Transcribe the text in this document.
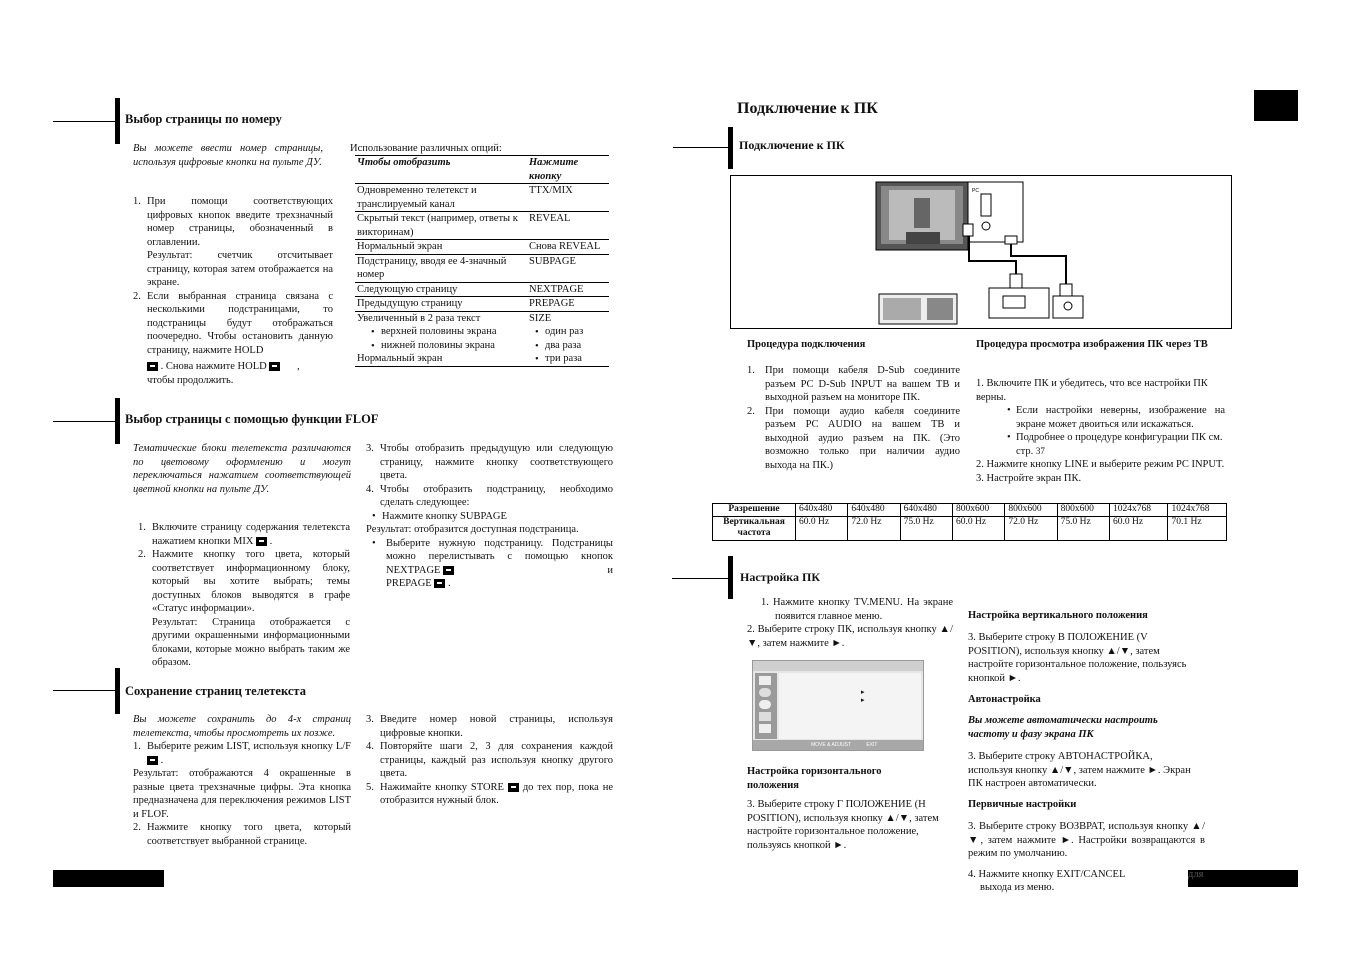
Выбор страницы по номеру
Вы можете ввести номер страницы, используя цифровые кнопки на пульте ДУ.
1. При помощи соответствующих цифровых кнопок введите трехзначный номер страницы, обозначенный в оглавлении.
Результат: счетчик отсчитывает страницу, которая затем отображается на экране.
2. Если выбранная страница связана с несколькими подстраницами, то подстраницы будут отображаться поочередно. Чтобы остановить данную страницу, нажмите HOLD
. Снова нажмите HOLD	,
чтобы продолжить.
Использование различных опций:
Чтобы отобразить	Нажмите кнопку
Одновременно телетекст и транслируемый канал	TTX/MIX
Скрытый текст (например, ответы к викторинам)	REVEAL
Нормальный экран	Снова REVEAL
Подстраницу, вводя ее 4-значный номер	SUBPAGE
Следующую страницу	NEXTPAGE
Предыдущую страницу	PREPAGE
Увеличенный в 2 раза текст	SIZE

• верхней половины экрана	• один раз

• нижней половины экрана	• два раза
Нормальный экран	• три раза

Выбор страницы с помощью функции FLOF
Тематические блоки телетекста различаются по цветовому оформлению и могут переключаться нажатием соответствующей цветной кнопки на пульте ДУ.
1. Включите страницу содержания телетекста нажатием кнопки MIX .
2. Нажмите кнопку того цвета, который соответствует информационному блоку, который вы хотите выбрать; темы доступных блоков выводятся в графе «Статус информации».
Результат: Страница отображается с другими окрашенными информационными блоками, которые можно выбрать таким же образом.
3. Чтобы отобразить предыдущую или следующую страницу, нажмите кнопку соответствующего цвета.
4. Чтобы отобразить подстраницу, необходимо сделать следующее:
• Нажмите кнопку SUBPAGE
Результат: отобразится доступная подстраница.
• Выберите нужную подстраницу. Подстраницы можно перелистывать с помощью кнопок NEXTPAGE	и

PREPAGE .
Сохранение страниц телетекста
Вы можете сохранить до 4-х страниц телетекста, чтобы просмотреть их позже.
1. Выберите режим LIST, используя кнопку L/F  .
Результат: отображаются 4 окрашенные в разные цвета трехзначные цифры. Эта кнопка предназначена для переключения режимов LIST и FLOF.
2. Нажмите кнопку того цвета, который соответствует выбранной странице.
3. Введите номер новой страницы, используя цифровые кнопки.
4. Повторяйте шаги 2, 3 для сохранения каждой страницы, каждый раз используя кнопку другого цвета.
5. Нажимайте кнопку STORE до тех пор, пока не отобразится нужный блок.
Подключение к ПК
Подключение к ПК
PC
Процедура подключения
1. При помощи кабеля D-Sub соедините разъем PC D-Sub INPUT на вашем ТВ и выходной разъем на мониторе ПК.
2. При помощи аудио кабеля соедините разъем PC AUDIO на вашем ТВ и выходной аудио разъем на ПК. (Это возможно только при наличии аудио выхода на ПК.)
Процедура просмотра изображения ПК через ТВ
1. Включите ПК и убедитесь, что все настройки ПК верны.
• Если настройки неверны, изображение на экране может двоиться или искажаться.
• Подробнее о процедуре конфигурации ПК см. стр. 37
2. Нажмите кнопку LINE и выберите режим PC INPUT.
3. Настройте экран ПК.
Разрешение	640x480	640x480	640x480	800x600	800x600	800x600	1024x768	1024x768
Вертикальная частота	60.0 Hz	72.0 Hz	75.0 Hz	60.0 Hz	72.0 Hz	75.0 Hz	60.0 Hz	70.1 Hz
Настройка ПК
1. Нажмите кнопку TV.MENU. На экране появится главное меню.
2. Выберите строку ПК, используя кнопку ▲/▼, затем нажмите ►.
▸
▸
MOVE & ADJUST	EXIT
Настройка горизонтального положения
3. Выберите строку Г ПОЛОЖЕНИЕ (H POSITION), используя кнопку ▲/▼, затем настройте горизонтальное положение, пользуясь кнопкой ►.
Настройка вертикального положения
3. Выберите строку В ПОЛОЖЕНИЕ (V POSITION), используя кнопку ▲/▼, затем настройте горизонтальное положение, пользуясь кнопкой ►.
Автонастройка
Вы можете автоматически настроить частоту и фазу экрана ПК
3. Выберите строку АВТОНАСТРОЙКА, используя кнопку ▲/▼, затем нажмите ►. Экран ПК настроен автоматически.
Первичные настройки
3. Выберите строку ВОЗВРАТ, используя кнопку ▲/▼, затем нажмите ►. Настройки возвращаются в режим по умолчанию.
4. Нажмите кнопку EXIT/CANCEL
выхода из меню.
для
